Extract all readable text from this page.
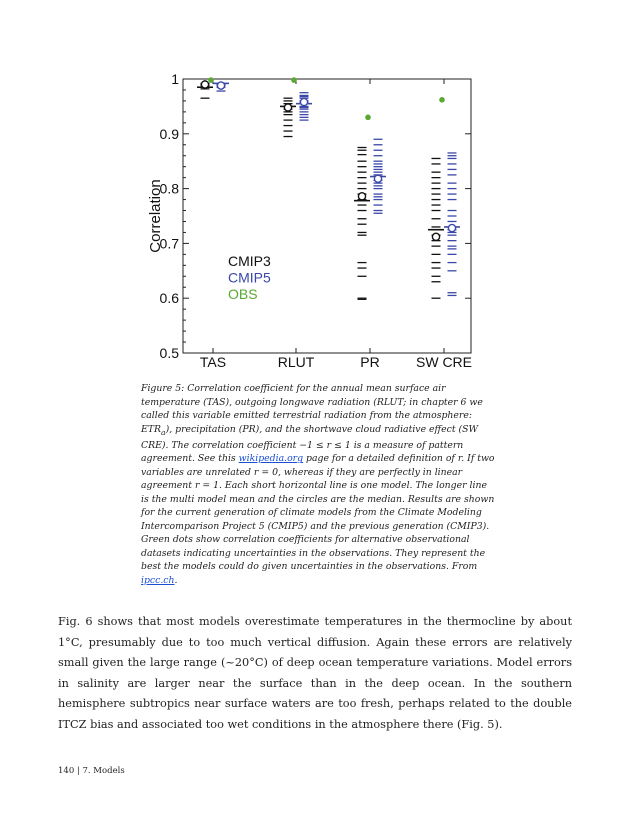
0.5
0.6
0.7
0.8
0.9
1
TAS	RLUT	PR	SW CRE
Correlation
CMIP3
CMIP5
OBS
Figure 5: Correlation coefficient for the annual mean surface air temperature (TAS), outgoing longwave radiation (RLUT; in chapter 6 we called this variable emitted terrestrial radiation from the atmosphere: $ETR_a$), precipitation (PR), and the shortwave cloud radiative effect (SW CRE). The correlation coefficient −1 ≤ r ≤ 1 is a measure of pattern agreement. See this wikipedia.org page for a detailed definition of r. If two variables are unrelated r = 0, whereas if they are perfectly in linear agreement r = 1. Each short horizontal line is one model. The longer line is the multi model mean and the circles are the median. Results are shown for the current generation of climate models from the Climate Modeling Intercomparison Project 5 (CMIP5) and the previous generation (CMIP3). Green dots show correlation coefficients for alternative observational datasets indicating uncertainties in the observations. They represent the best the models could do given uncertainties in the observations. From ipcc.ch.
Fig. 6 shows that most models overestimate temperatures in the thermocline by about 1°C, presumably due to too much vertical diffusion. Again these errors are relatively small given the large range (~20°C) of deep ocean temperature variations. Model errors in salinity are larger near the surface than in the deep ocean. In the southern hemisphere subtropics near surface waters are too fresh, perhaps related to the double ITCZ bias and associated too wet conditions in the atmosphere there (Fig. 5).
140 | 7. Models
